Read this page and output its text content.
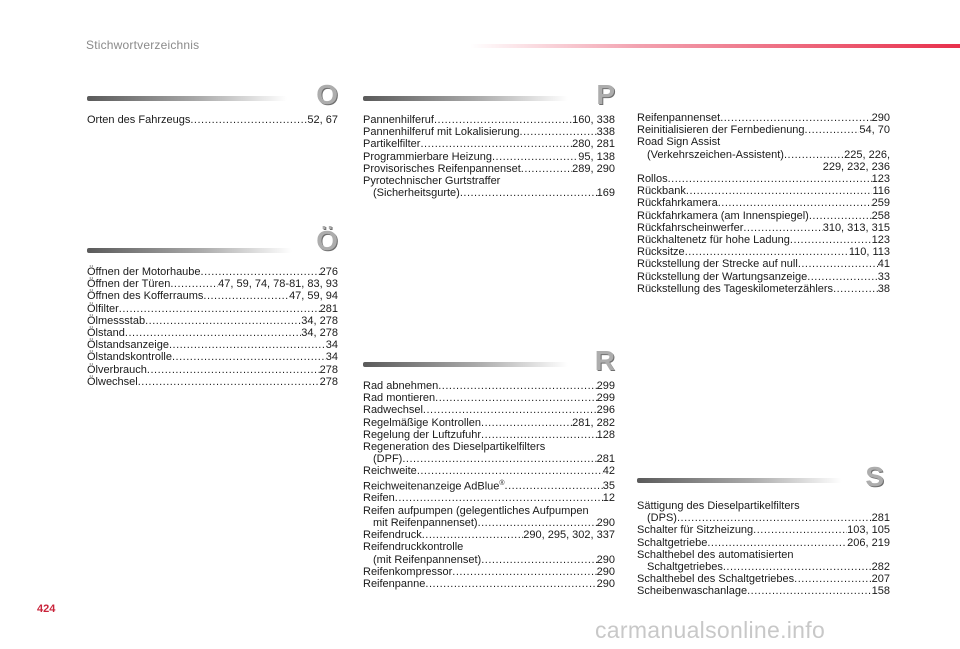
Stichwortverzeichnis
O
Orten des Fahrzeugs .....	52, 67
Ö
Öffnen der Motorhaube .....	276
Öffnen der Türen .....	47, 59, 74, 78-81, 83, 93
Öffnen des Kofferraums .....	47, 59, 94
Ölfilter .....	281
Ölmessstab .....	34, 278
Ölstand .....	34, 278
Ölstandsanzeige .....	34
Ölstandskontrolle .....	34
Ölverbrauch .....	278
Ölwechsel .....	278
P
Pannenhilferuf .....	160, 338
Pannenhilferuf mit Lokalisierung .....	338
Partikelfilter .....	280, 281
Programmierbare Heizung .....	95, 138
Provisorisches Reifenpannenset .....	289, 290
Pyrotechnischer Gurtstraffer
(Sicherheitsgurte) .....	169
R
Rad abnehmen .....	299
Rad montieren .....	299
Radwechsel .....	296
Regelmäßige Kontrollen .....	281, 282
Regelung der Luftzufuhr .....	128
Regeneration des Dieselpartikelfilters
(DPF) .....	281
Reichweite .....	42
Reichweitenanzeige AdBlue® .....	35
Reifen .....	12
Reifen aufpumpen (gelegentliches Aufpumpen
mit Reifenpannenset) .....	290
Reifendruck .....	290, 295, 302, 337
Reifendruckkontrolle
(mit Reifenpannenset) .....	290
Reifenkompressor .....	290
Reifenpanne .....	290
Reifenpannenset .....	290
Reinitialisieren der Fernbedienung .....	54, 70
Road Sign Assist
(Verkehrszeichen-Assistent) .....	225, 226,
229, 232, 236
Rollos .....	123
Rückbank .....	116
Rückfahrkamera .....	259
Rückfahrkamera (am Innenspiegel) .....	258
Rückfahrscheinwerfer .....	310, 313, 315
Rückhaltenetz für hohe Ladung .....	123
Rücksitze .....	110, 113
Rückstellung der Strecke auf null .....	41
Rückstellung der Wartungsanzeige .....	33
Rückstellung des Tageskilometerzählers .....	38
S
Sättigung des Dieselpartikelfilters
(DPS) .....	281
Schalter für Sitzheizung .....	103, 105
Schaltgetriebe .....	206, 219
Schalthebel des automatisierten
Schaltgetriebes .....	282
Schalthebel des Schaltgetriebes .....	207
Scheibenwaschanlage .....	158
424
carmanualsonline.info
